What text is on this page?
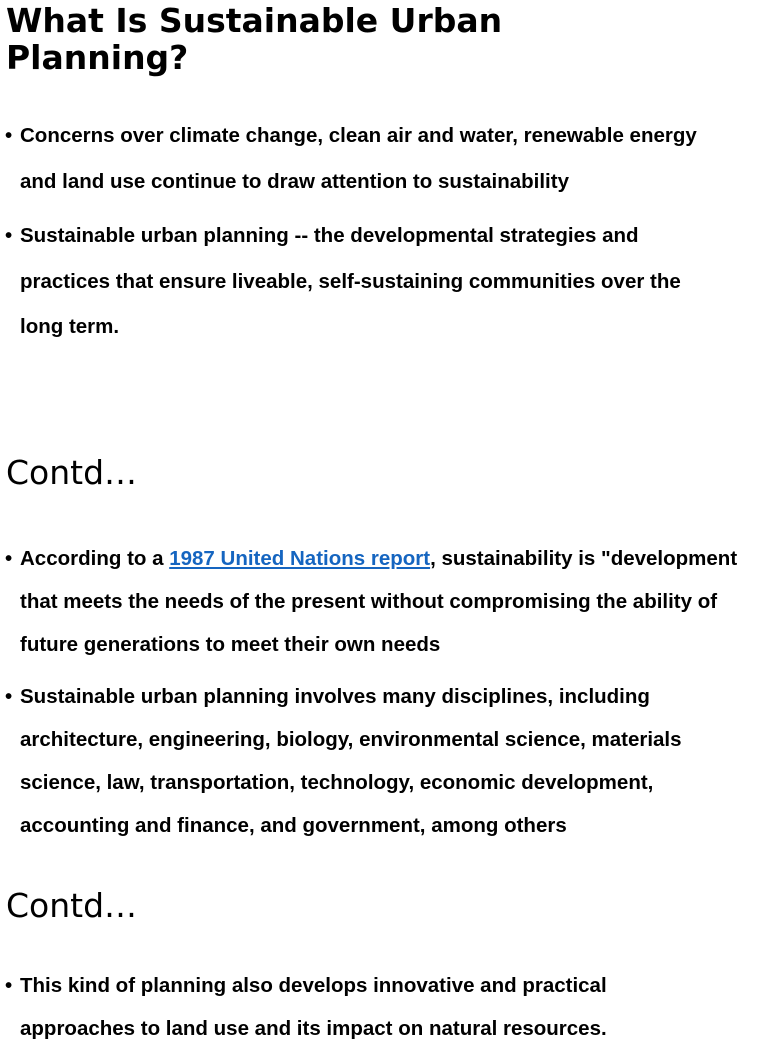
What Is Sustainable Urban Planning?
• Concerns over climate change, clean air and water, renewable energy and land use continue to draw attention to sustainability
• Sustainable urban planning -- the developmental strategies and practices that ensure liveable, self-sustaining communities over the long term.
Contd…
• According to a 1987 United Nations report, sustainability is "development that meets the needs of the present without compromising the ability of future generations to meet their own needs
• Sustainable urban planning involves many disciplines, including architecture, engineering, biology, environmental science, materials science, law, transportation, technology, economic development, accounting and finance, and government, among others
Contd…
• This kind of planning also develops innovative and practical approaches to land use and its impact on natural resources.
